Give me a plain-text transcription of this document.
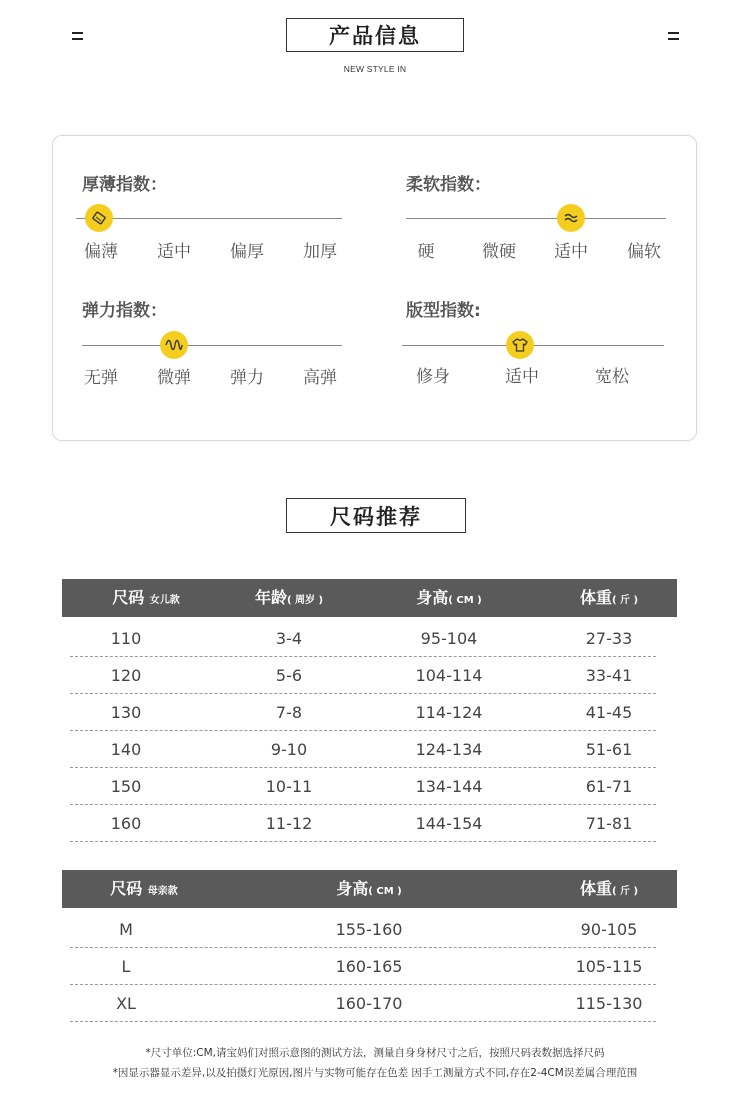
产品信息
NEW STYLE IN
厚薄指数：
偏薄 适中 偏厚 加厚
柔软指数：
硬	微硬 适中 偏软
弹力指数：
无弹 微弹 弹力 高弹
版型指数:
修身	适中	宽松
尺码推荐
尺码 女儿款	年龄( 周岁 )	身高( CM )	体重( 斤 )
110	3-4	95-104	27-33
120	5-6	104-114	33-41
130	7-8	114-124	41-45
140	9-10	124-134	51-61
150	10-11	134-144	61-71
160	11-12	144-154	71-81
尺码 母亲款	身高( CM )	体重( 斤 )
M	155-160	90-105
L	160-165	105-115
XL	160-170	115-130
*尺寸单位:CM,请宝妈们对照示意图的测试方法，测量自身身材尺寸之后，按照尺码表数据选择尺码
*因显示器显示差异,以及拍摄灯光原因,图片与实物可能存在色差 因手工测量方式不同,存在2-4CM误差属合理范围
